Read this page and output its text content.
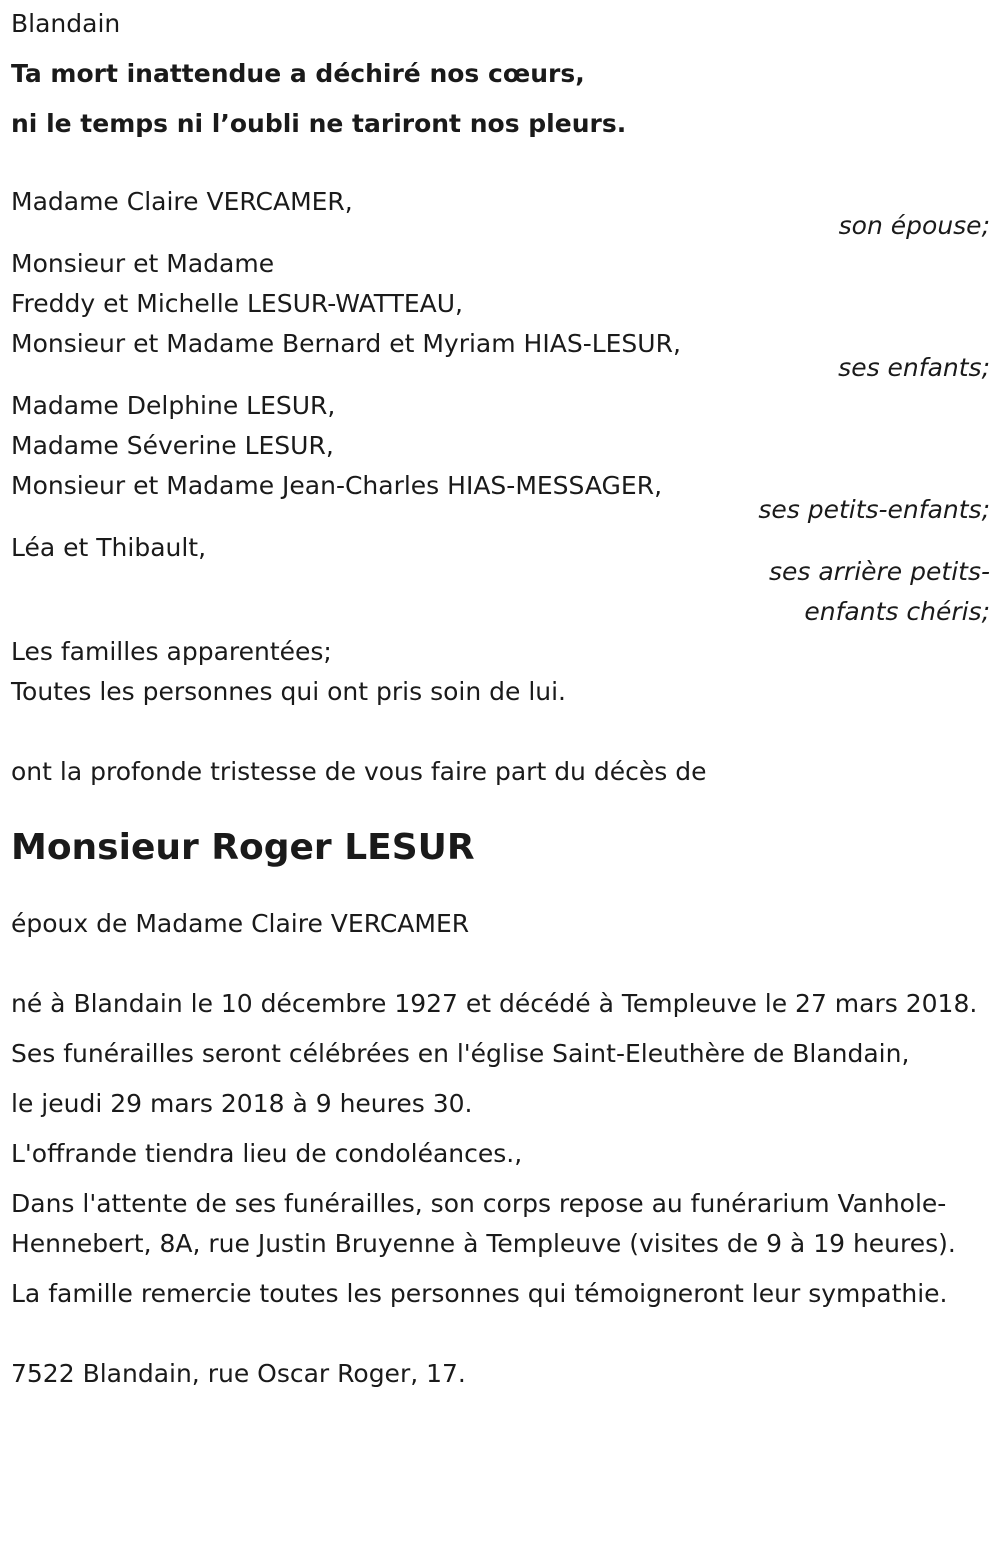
Blandain

Ta mort inattendue a déchiré nos cœurs,

ni le temps ni l’oubli ne tariront nos pleurs.

Madame Claire VERCAMER,

son épouse;

Monsieur et Madame

Freddy et Michelle LESUR-WATTEAU,

Monsieur et Madame Bernard et Myriam HIAS-LESUR,

ses enfants;

Madame Delphine LESUR,

Madame Séverine LESUR,

Monsieur et Madame Jean-Charles HIAS-MESSAGER,

ses petits-enfants;

Léa et Thibault,

ses arrière petits-

enfants chéris;

Les familles apparentées;

Toutes les personnes qui ont pris soin de lui.

ont la profonde tristesse de vous faire part du décès de

Monsieur Roger LESUR

époux de Madame Claire VERCAMER

né à Blandain le 10 décembre 1927 et décédé à Templeuve le 27 mars 2018.

Ses funérailles seront célébrées en l'église Saint-Eleuthère de Blandain,

le jeudi 29 mars 2018 à 9 heures 30.

L'offrande tiendra lieu de condoléances.,

Dans l'attente de ses funérailles, son corps repose au funérarium Vanhole-Hennebert, 8A, rue Justin Bruyenne à Templeuve (visites de 9 à 19 heures).

La famille remercie toutes les personnes qui témoigneront leur sympathie.

7522 Blandain, rue Oscar Roger, 17.
